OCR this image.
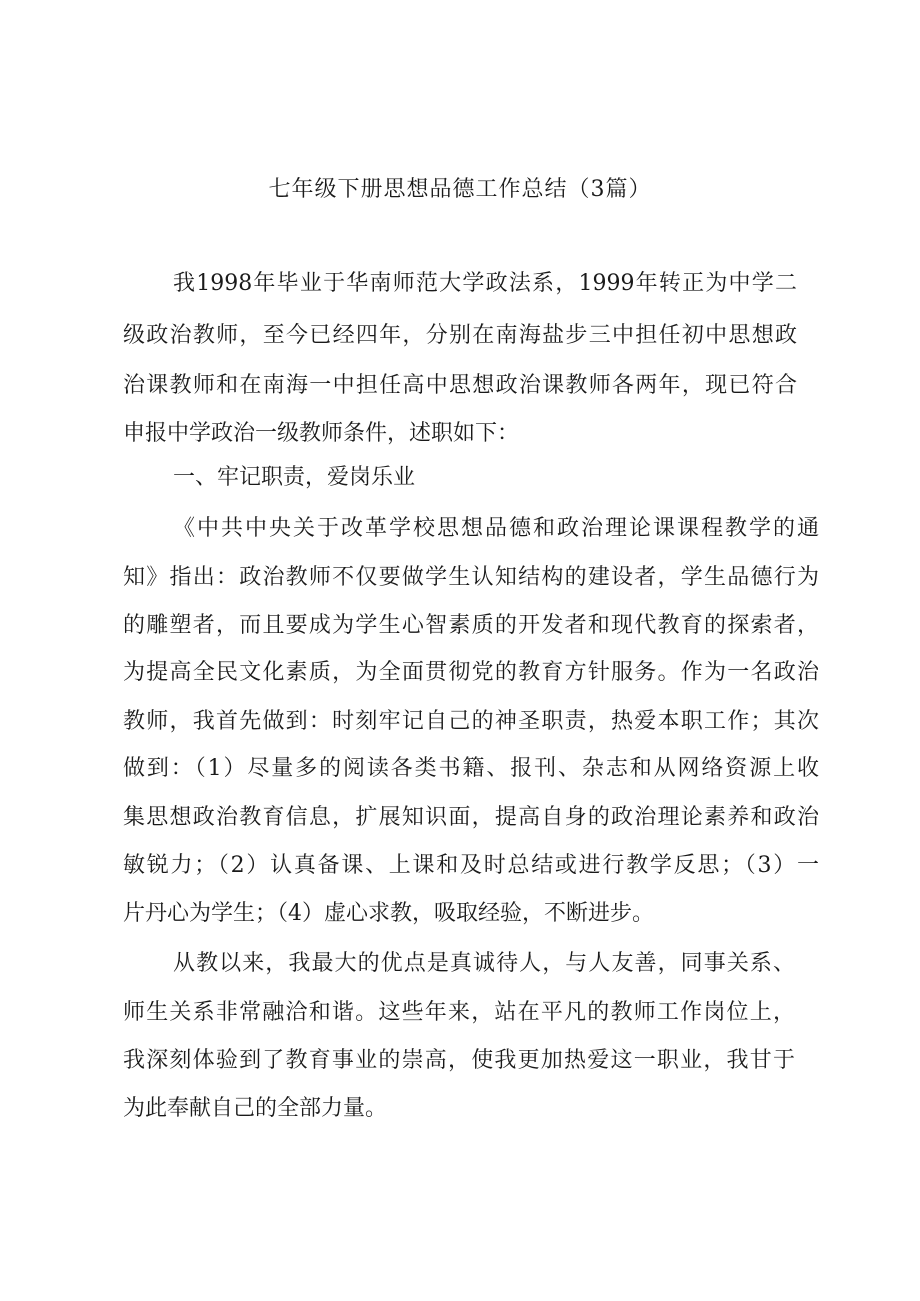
七年级下册思想品德工作总结（3篇）
我1998年毕业于华南师范大学政法系，1999年转正为中学二
级政治教师，至今已经四年，分别在南海盐步三中担任初中思想政
治课教师和在南海一中担任高中思想政治课教师各两年，现已符合
申报中学政治一级教师条件，述职如下：
一、牢记职责，爱岗乐业
《中共中央关于改革学校思想品德和政治理论课课程教学的通
知》指出：政治教师不仅要做学生认知结构的建设者，学生品德行为
的雕塑者，而且要成为学生心智素质的开发者和现代教育的探索者，
为提高全民文化素质，为全面贯彻党的教育方针服务。作为一名政治
教师，我首先做到：时刻牢记自己的神圣职责，热爱本职工作；其次
做到：（1）尽量多的阅读各类书籍、报刊、杂志和从网络资源上收
集思想政治教育信息，扩展知识面，提高自身的政治理论素养和政治
敏锐力；（2）认真备课、上课和及时总结或进行教学反思；（3）一
片丹心为学生；（4）虚心求教，吸取经验，不断进步。
从教以来，我最大的优点是真诚待人，与人友善，同事关系、
师生关系非常融洽和谐。这些年来，站在平凡的教师工作岗位上，
我深刻体验到了教育事业的崇高，使我更加热爱这一职业，我甘于
为此奉献自己的全部力量。
